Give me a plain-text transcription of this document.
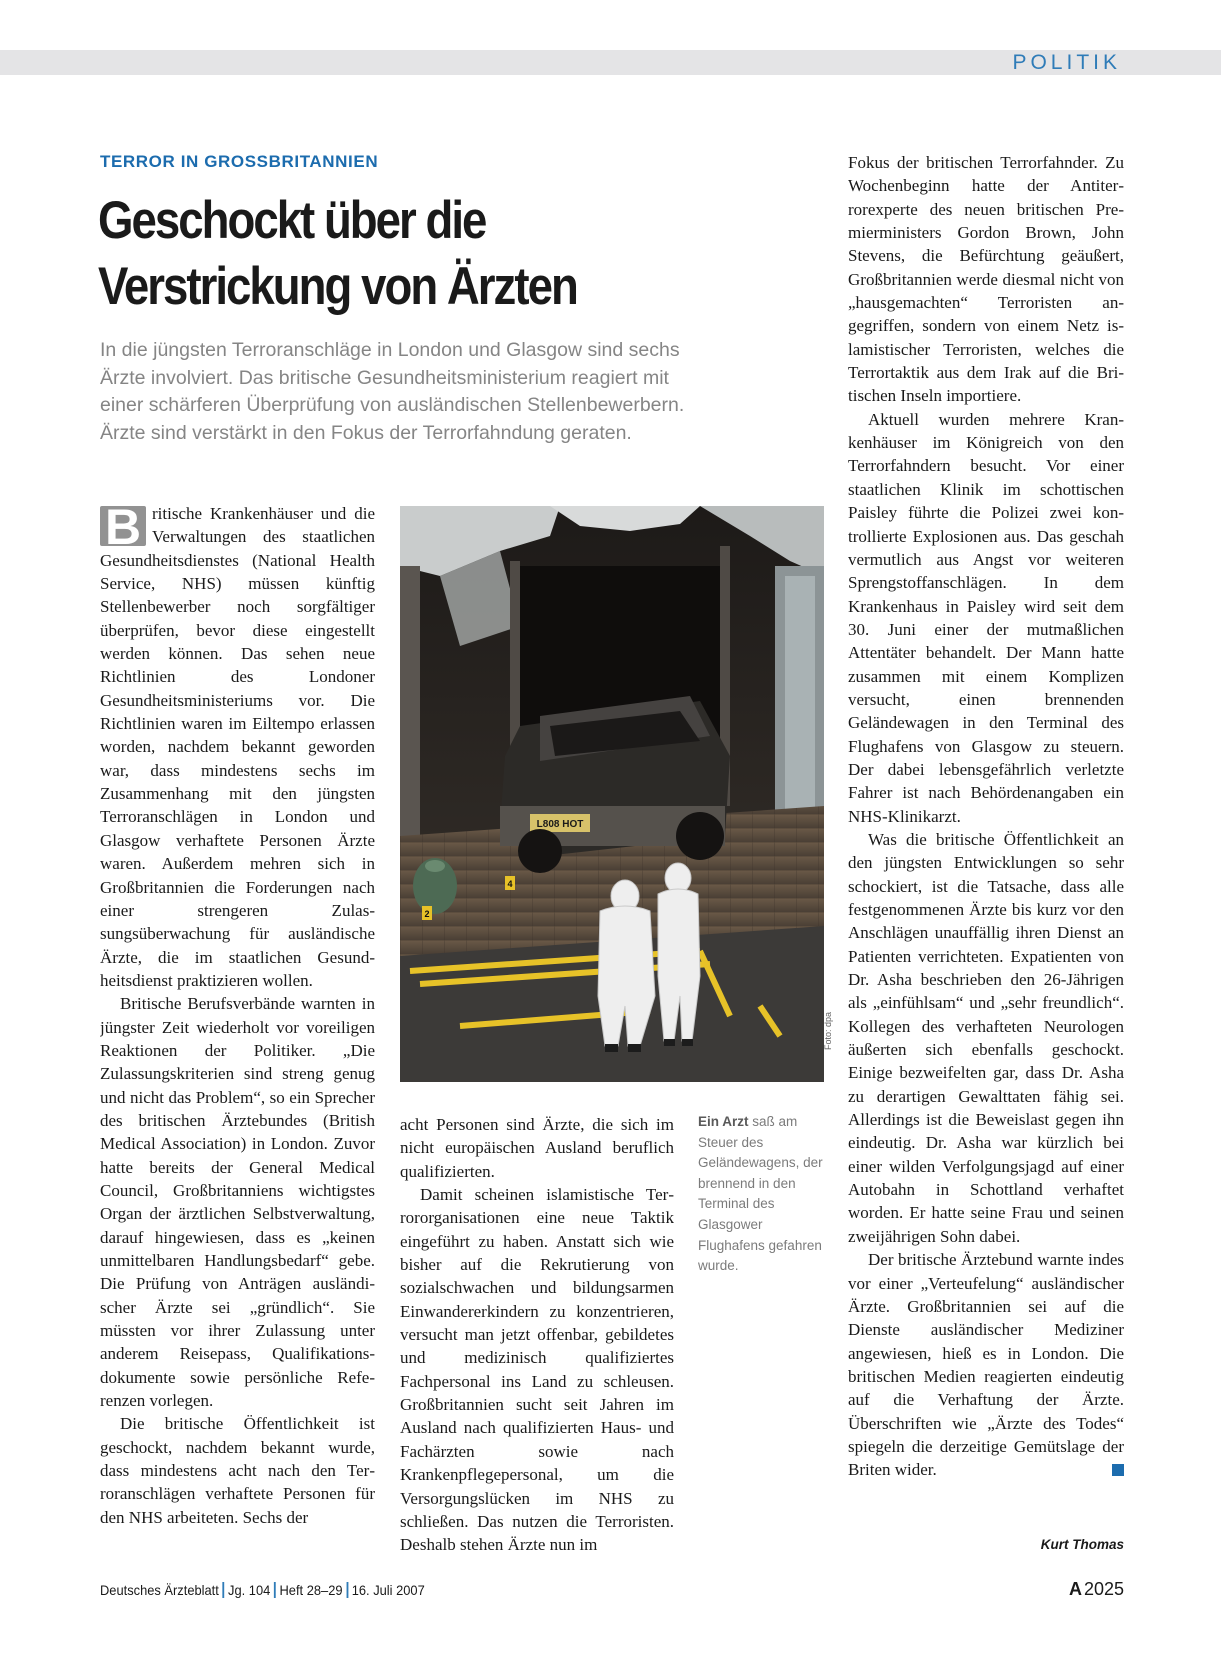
POLITIK
TERROR IN GROSSBRITANNIEN
Geschockt über die
Verstrickung von Ärzten
In die jüngsten Terroranschläge in London und Glasgow sind sechs
Ärzte involviert. Das britische Gesundheitsministerium reagiert mit
einer schärferen Überprüfung von ausländischen Stellenbewerbern.
Ärzte sind verstärkt in den Fokus der Terrorfahndung geraten.

B ritische Krankenhäuser und die Verwaltungen des staatlichen Gesundheitsdienstes (National Health Service, NHS) müssen künftig Stellenbewerber noch sorgfältiger überprüfen, bevor diese eingestellt werden können. Das sehen neue Richtlinien des Londoner Gesundheitsministeriums vor. Die Richtlinien waren im Eiltempo erlassen worden, nachdem bekannt geworden war, dass mindestens sechs im Zusammenhang mit den jüngsten Terroranschlägen in London und Glasgow verhaftete Personen Ärzte waren. Außerdem mehren sich in Großbritannien die Forderungen nach einer strengeren Zulassungsüberwachung für ausländische Ärzte, die im staatlichen Gesundheitsdienst praktizieren wollen.

Britische Berufsverbände warnten in jüngster Zeit wiederholt vor voreiligen Reaktionen der Politiker. „Die Zulassungskriterien sind streng genug und nicht das Problem“, so ein Sprecher des britischen Ärztebundes (British Medical Association) in London. Zuvor hatte bereits der General Medical Council, Großbritanniens wichtigstes Organ der ärztlichen Selbstverwaltung, darauf hingewiesen, dass es „keinen unmittelbaren Handlungsbedarf“ gebe. Die Prüfung von Anträgen ausländischer Ärzte sei „gründlich“. Sie müssten vor ihrer Zulassung unter anderem Reisepass, Qualifikationsdokumente sowie persönliche Referenzen vorlegen.

Die britische Öffentlichkeit ist geschockt, nachdem bekannt wurde, dass mindestens acht nach den Terroranschlägen verhaftete Personen für den NHS arbeiteten. Sechs der

L808 HOT
4
2
Foto: dpa

acht Personen sind Ärzte, die sich im nicht europäischen Ausland beruflich qualifizierten.

Damit scheinen islamistische Terrororganisationen eine neue Taktik eingeführt zu haben. Anstatt sich wie bisher auf die Rekrutierung von sozialschwachen und bildungsarmen Einwandererkindern zu konzentrieren, versucht man jetzt offenbar, gebildetes und medizinisch qualifiziertes Fachpersonal ins Land zu schleusen. Großbritannien sucht seit Jahren im Ausland nach qualifizierten Haus- und Fachärzten sowie nach Krankenpflegepersonal, um die Versorgungslücken im NHS zu schließen. Das nutzen die Terroristen. Deshalb stehen Ärzte nun im

Ein Arzt saß am Steuer des Geländewagens, der brennend in den Terminal des Glasgower Flughafens gefahren wurde.

Fokus der britischen Terrorfahnder. Zu Wochenbeginn hatte der Antiterrorexperte des neuen britischen Premierministers Gordon Brown, John Stevens, die Befürchtung geäußert, Großbritannien werde diesmal nicht von „hausgemachten“ Terroristen angegriffen, sondern von einem Netz islamistischer Terroristen, welches die Terrortaktik aus dem Irak auf die Britischen Inseln importiere.

Aktuell wurden mehrere Krankenhäuser im Königreich von den Terrorfahndern besucht. Vor einer staatlichen Klinik im schottischen Paisley führte die Polizei zwei kontrollierte Explosionen aus. Das geschah vermutlich aus Angst vor weiteren Sprengstoffanschlägen. In dem Krankenhaus in Paisley wird seit dem 30. Juni einer der mutmaßlichen Attentäter behandelt. Der Mann hatte zusammen mit einem Komplizen versucht, einen brennenden Geländewagen in den Terminal des Flughafens von Glasgow zu steuern. Der dabei lebensgefährlich verletzte Fahrer ist nach Behördenangaben ein NHS-Klinikarzt.

Was die britische Öffentlichkeit an den jüngsten Entwicklungen so sehr schockiert, ist die Tatsache, dass alle festgenommenen Ärzte bis kurz vor den Anschlägen unauffällig ihren Dienst an Patienten verrichteten. Expatienten von Dr. Asha beschrieben den 26-Jährigen als „einfühlsam“ und „sehr freundlich“. Kollegen des verhafteten Neurologen äußerten sich ebenfalls geschockt. Einige bezweifelten gar, dass Dr. Asha zu derartigen Gewalttaten fähig sei. Allerdings ist die Beweislast gegen ihn eindeutig. Dr. Asha war kürzlich bei einer wilden Verfolgungsjagd auf einer Autobahn in Schottland verhaftet worden. Er hatte seine Frau und seinen zweijährigen Sohn dabei.

Der britische Ärztebund warnte indes vor einer „Verteufelung“ ausländischer Ärzte. Großbritannien sei auf die Dienste ausländischer Mediziner angewiesen, hieß es in London. Die britischen Medien reagierten eindeutig auf die Verhaftung der Ärzte. Überschriften wie „Ärzte des Todes“ spiegeln die derzeitige Gemütslage der Briten wider.

Kurt Thomas
Deutsches Ärzteblatt Jg. 104 Heft 28–29 16. Juli 2007	A 2025
